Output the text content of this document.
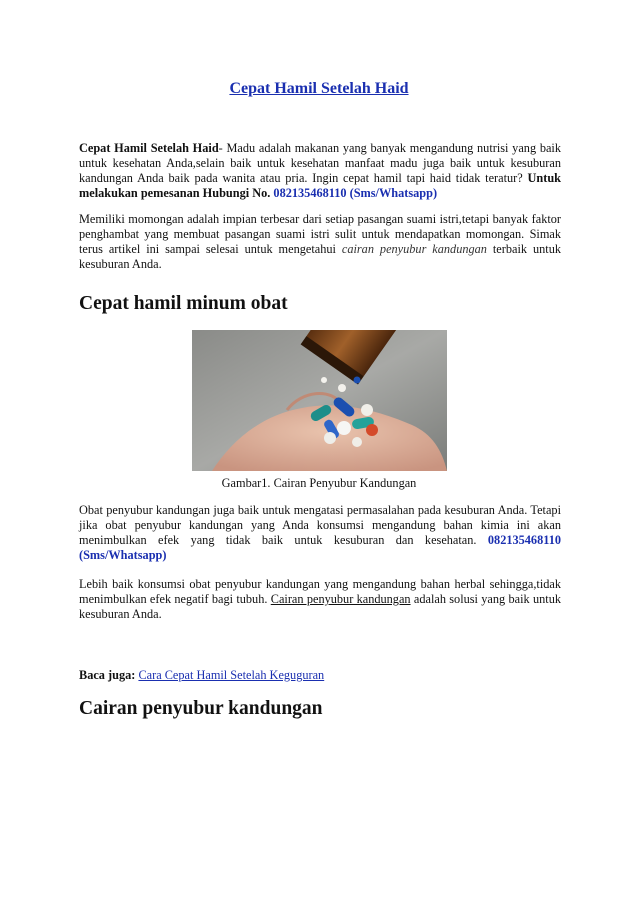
Cepat Hamil Setelah Haid

Cepat Hamil Setelah Haid- Madu adalah makanan yang banyak mengandung nutrisi yang baik untuk kesehatan Anda,selain baik untuk kesehatan manfaat madu juga baik untuk kesuburan kandungan Anda baik pada wanita atau pria. Ingin cepat hamil tapi haid tidak teratur? Untuk melakukan pemesanan Hubungi No. 082135468110 (Sms/Whatsapp)

Memiliki momongan adalah impian terbesar dari setiap pasangan suami istri,tetapi banyak faktor penghambat yang membuat pasangan suami istri sulit untuk mendapatkan momongan. Simak terus artikel ini sampai selesai untuk mengetahui cairan penyubur kandungan terbaik untuk kesuburan Anda.

Cepat hamil minum obat
Gambar1. Cairan Penyubur Kandungan

Obat penyubur kandungan juga baik untuk mengatasi permasalahan pada kesuburan Anda. Tetapi jika obat penyubur kandungan yang Anda konsumsi mengandung bahan kimia ini akan menimbulkan efek yang tidak baik untuk kesuburan dan kesehatan. 082135468110 (Sms/Whatsapp)

Lebih baik konsumsi obat penyubur kandungan yang mengandung bahan herbal sehingga,tidak menimbulkan efek negatif bagi tubuh. Cairan penyubur kandungan adalah solusi yang baik untuk kesuburan Anda.

Baca juga: Cara Cepat Hamil Setelah Keguguran

Cairan penyubur kandungan
